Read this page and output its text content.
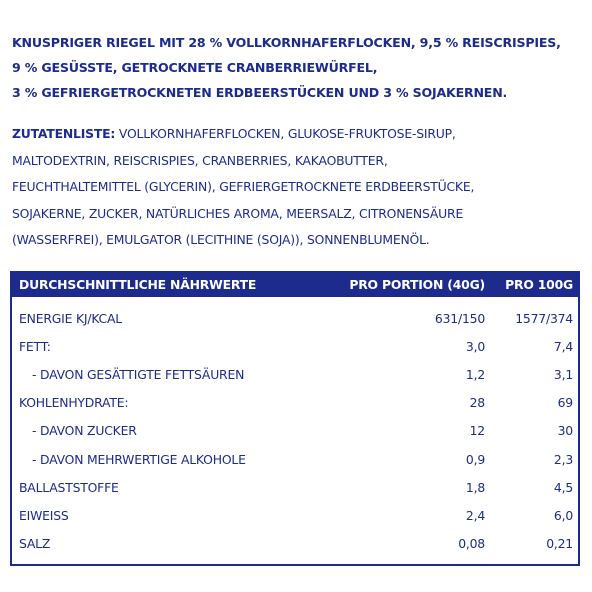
KNUSPRIGER RIEGEL MIT 28 % VOLLKORNHAFERFLOCKEN, 9,5 % REISCRISPIES,
9 % GESÜSSTE, GETROCKNETE CRANBERRIEWÜRFEL,
3 % GEFRIERGETROCKNETEN ERDBEERSTÜCKEN UND 3 % SOJAKERNEN.
ZUTATENLISTE: VOLLKORNHAFERFLOCKEN, GLUKOSE-FRUKTOSE-SIRUP,
MALTODEXTRIN, REISCRISPIES, CRANBERRIES, KAKAOBUTTER,
FEUCHTHALTEMITTEL (GLYCERIN), GEFRIERGETROCKNETE ERDBEERSTÜCKE,
SOJAKERNE, ZUCKER, NATÜRLICHES AROMA, MEERSALZ, CITRONENSÄURE
(WASSERFREI), EMULGATOR (LECITHINE (SOJA)), SONNENBLUMENÖL.
DURCHSCHNITTLICHE NÄHRWERTE	PRO PORTION (40G)	PRO 100G
ENERGIE KJ/KCAL	631/150	1577/374
FETT:	3,0	7,4
- DAVON GESÄTTIGTE FETTSÄUREN	1,2	3,1
KOHLENHYDRATE:	28	69
- DAVON ZUCKER	12	30
- DAVON MEHRWERTIGE ALKOHOLE	0,9	2,3
BALLASTSTOFFE	1,8	4,5
EIWEISS	2,4	6,0
SALZ	0,08	0,21
